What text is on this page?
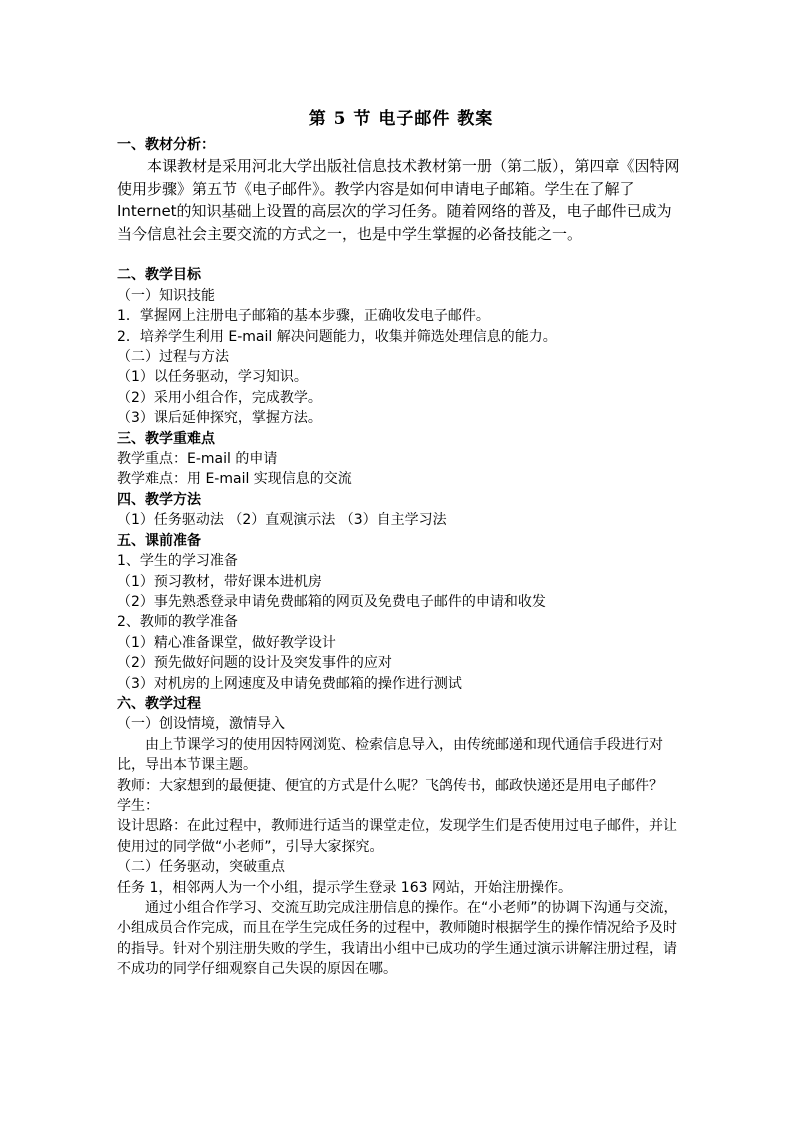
第 5 节 电子邮件 教案
一、教材分析：
本课教材是采用河北大学出版社信息技术教材第一册（第二版），第四章《因特网使用步骤》第五节《电子邮件》。教学内容是如何申请电子邮箱。学生在了解了 Internet的知识基础上设置的高层次的学习任务。随着网络的普及，电子邮件已成为当今信息社会主要交流的方式之一，也是中学生掌握的必备技能之一。
二、教学目标
（一）知识技能
1．掌握网上注册电子邮箱的基本步骤，正确收发电子邮件。
2．培养学生利用 E-mail 解决问题能力，收集并筛选处理信息的能力。
（二）过程与方法
（1）以任务驱动，学习知识。
（2）采用小组合作，完成教学。
（3）课后延伸探究，掌握方法。
三、教学重难点
教学重点：E-mail 的申请
教学难点：用 E-mail 实现信息的交流
四、教学方法
（1）任务驱动法 （2）直观演示法 （3）自主学习法
五、课前准备
1、学生的学习准备
（1）预习教材，带好课本进机房
（2）事先熟悉登录申请免费邮箱的网页及免费电子邮件的申请和收发
2、教师的教学准备
（1）精心准备课堂，做好教学设计
（2）预先做好问题的设计及突发事件的应对
（3）对机房的上网速度及申请免费邮箱的操作进行测试
六、教学过程
（一）创设情境，激情导入
由上节课学习的使用因特网浏览、检索信息导入，由传统邮递和现代通信手段进行对比，导出本节课主题。
教师：大家想到的最便捷、便宜的方式是什么呢？飞鸽传书，邮政快递还是用电子邮件？
学生：
设计思路：在此过程中，教师进行适当的课堂走位，发现学生们是否使用过电子邮件，并让使用过的同学做“小老师”，引导大家探究。
（二）任务驱动，突破重点
任务 1，相邻两人为一个小组，提示学生登录 163 网站，开始注册操作。
通过小组合作学习、交流互助完成注册信息的操作。在“小老师”的协调下沟通与交流，小组成员合作完成，而且在学生完成任务的过程中，教师随时根据学生的操作情况给予及时的指导。针对个别注册失败的学生，我请出小组中已成功的学生通过演示讲解注册过程，请不成功的同学仔细观察自己失误的原因在哪。
